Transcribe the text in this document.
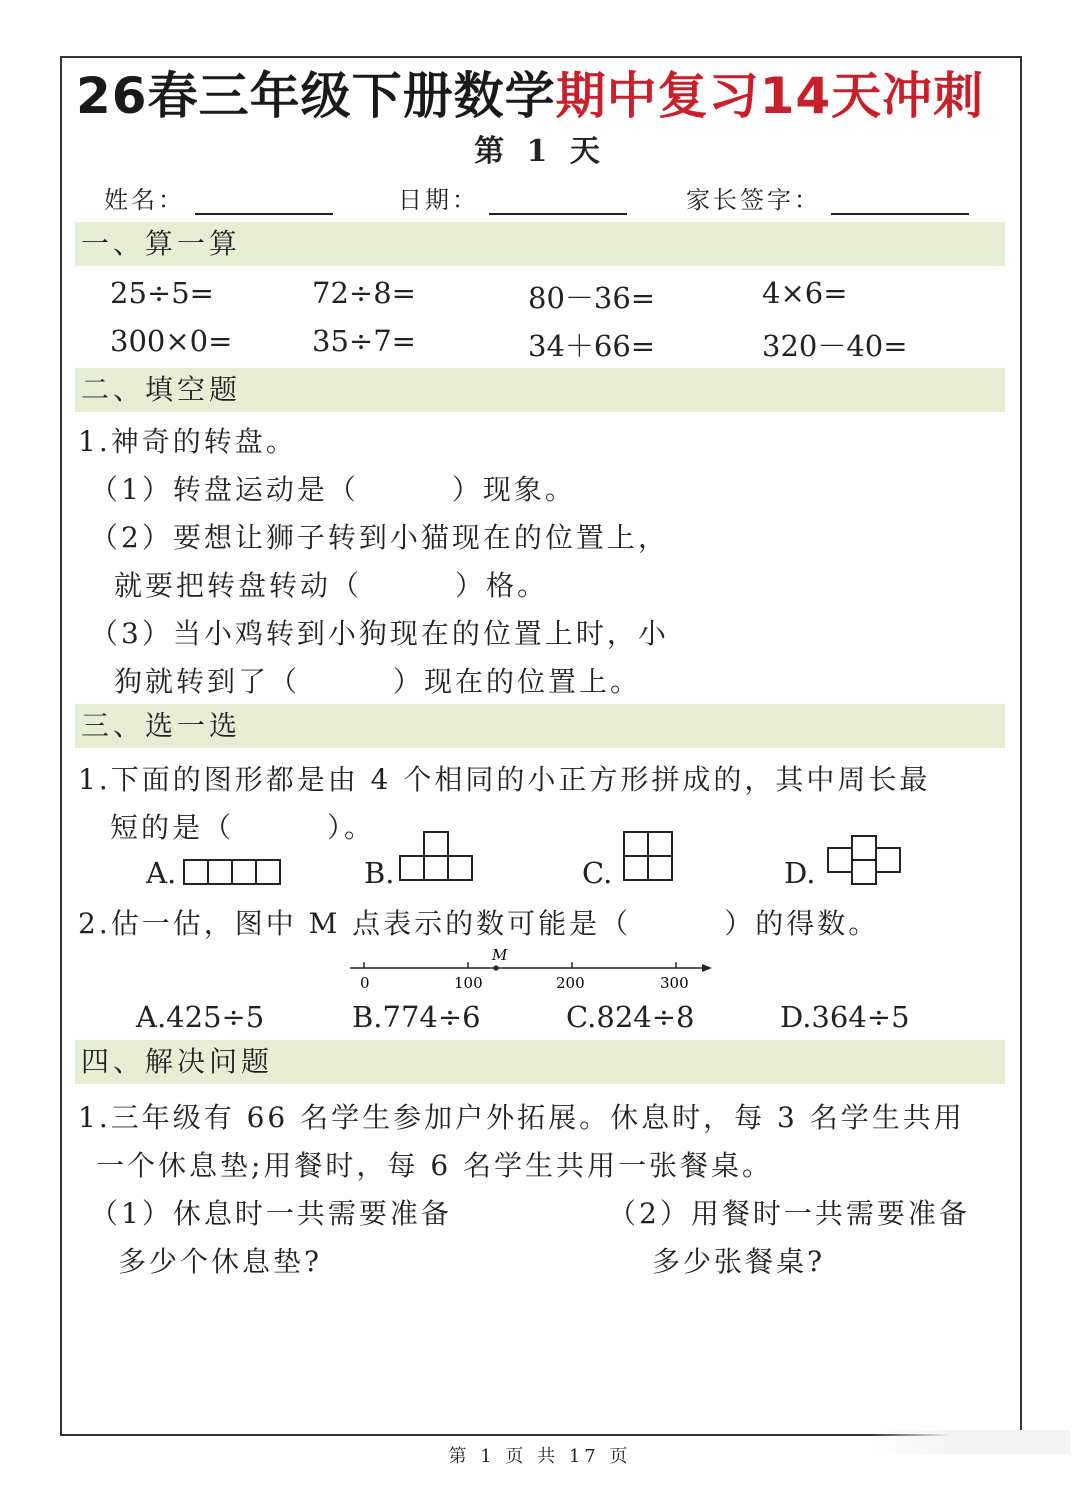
26春三年级下册数学期中复习14天冲刺
第 1 天
姓名：	日期：	家长签字：
一、算一算
25÷5=	72÷8=	80－36=	4×6=
300×0=	35÷7=	34＋66=	320－40=
二、填空题
1.神奇的转盘。
（1）转盘运动是（　　　）现象。
（2）要想让狮子转到小猫现在的位置上，
就要把转盘转动（　　　）格。
（3）当小鸡转到小狗现在的位置上时，小
狗就转到了（　　　）现在的位置上。
三、选一选
1.下面的图形都是由 4 个相同的小正方形拼成的，其中周长最
短的是（　　　）。
A.	B.	C.	D.
2.估一估，图中 M 点表示的数可能是（　　　）的得数。
M
0	100	200	300
A.425÷5	B.774÷6	C.824÷8	D.364÷5
四、解决问题
1.三年级有 66 名学生参加户外拓展。休息时，每 3 名学生共用
一个休息垫;用餐时，每 6 名学生共用一张餐桌。
（1）休息时一共需要准备
多少个休息垫?
（2）用餐时一共需要准备
多少张餐桌?
第 1 页 共 17 页
